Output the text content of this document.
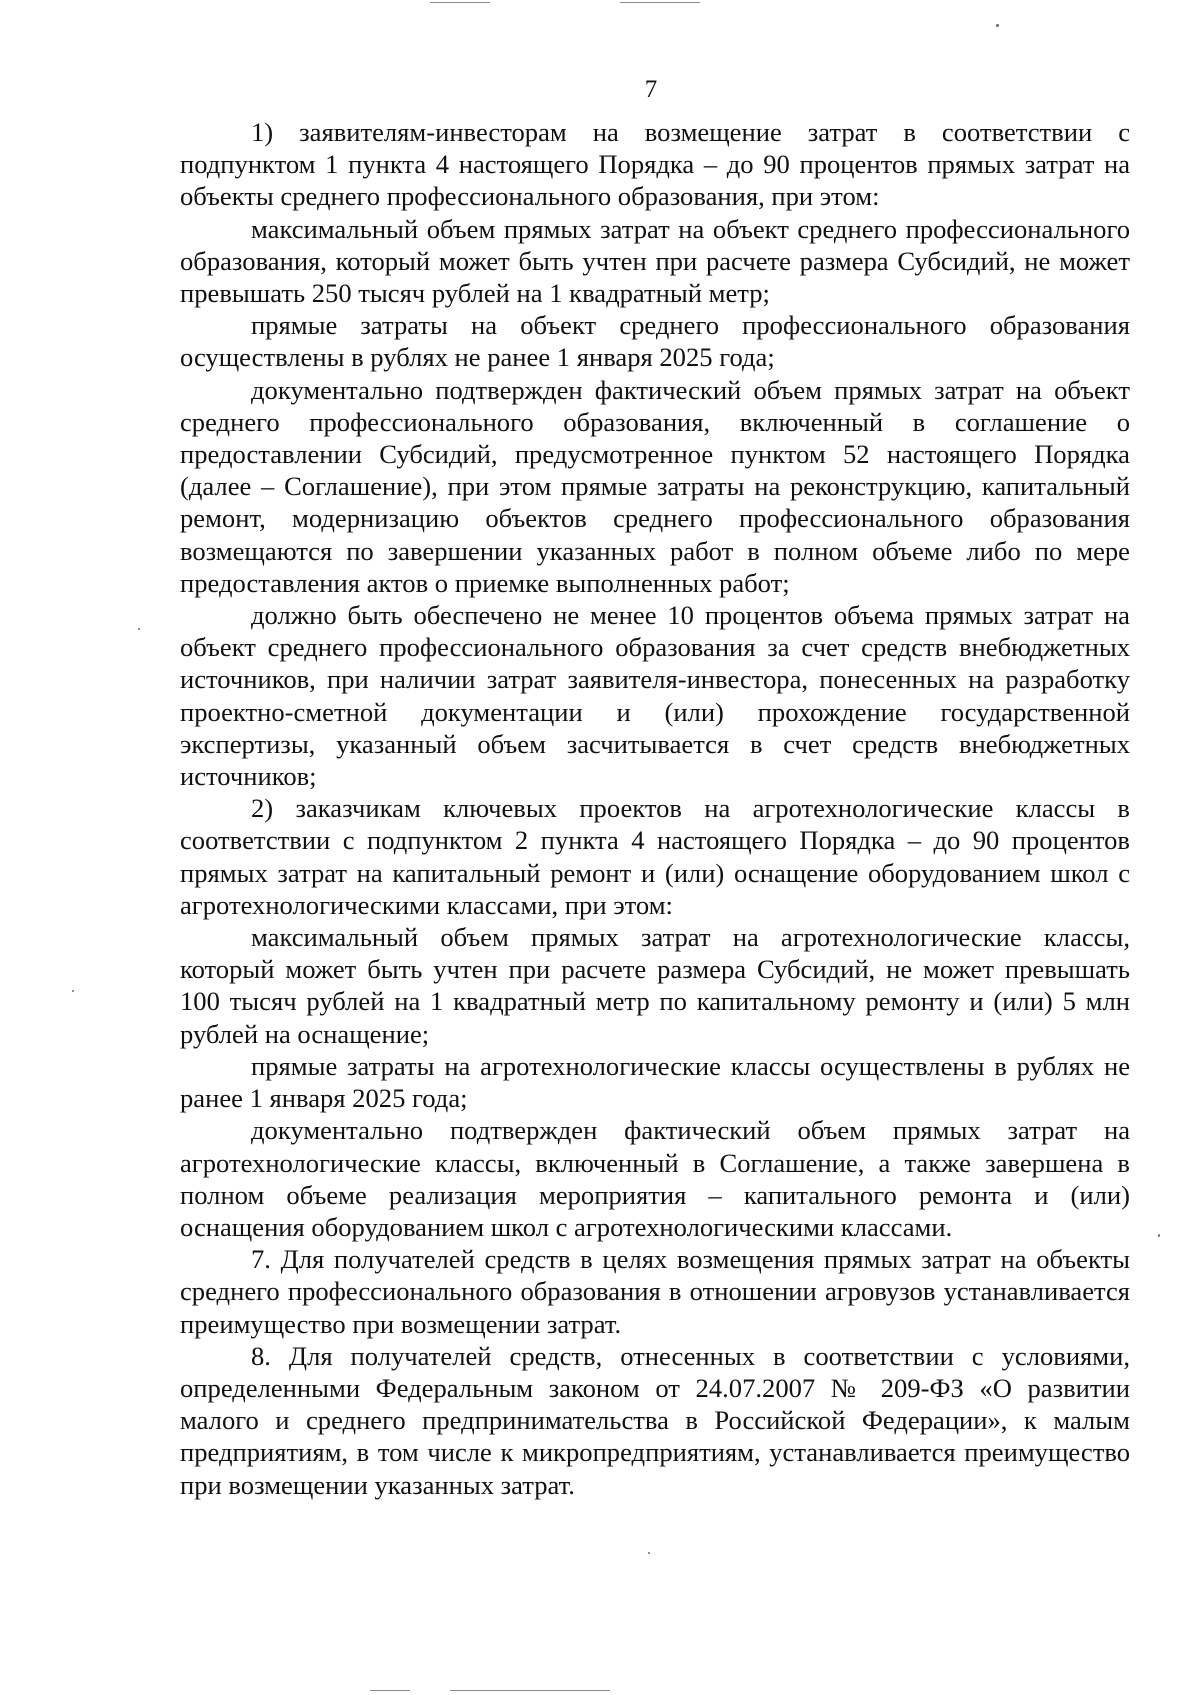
7

1) заявителям-инвесторам на возмещение затрат в соответствии с подпунктом 1 пункта 4 настоящего Порядка – до 90 процентов прямых затрат на объекты среднего профессионального образования, при этом:

максимальный объем прямых затрат на объект среднего профессионального образования, который может быть учтен при расчете размера Субсидий, не может превышать 250 тысяч рублей на 1 квадратный метр;

прямые затраты на объект среднего профессионального образования осуществлены в рублях не ранее 1 января 2025 года;

документально подтвержден фактический объем прямых затрат на объект среднего профессионального образования, включенный в соглашение о предоставлении Субсидий, предусмотренное пунктом 52 настоящего Порядка (далее – Соглашение), при этом прямые затраты на реконструкцию, капитальный ремонт, модернизацию объектов среднего профессионального образования возмещаются по завершении указанных работ в полном объеме либо по мере предоставления актов о приемке выполненных работ;

должно быть обеспечено не менее 10 процентов объема прямых затрат на объект среднего профессионального образования за счет средств внебюджетных источников, при наличии затрат заявителя-инвестора, понесенных на разработку проектно-сметной документации и (или) прохождение государственной экспертизы, указанный объем засчитывается в счет средств внебюджетных источников;

2) заказчикам ключевых проектов на агротехнологические классы в соответствии с подпунктом 2 пункта 4 настоящего Порядка – до 90 процентов прямых затрат на капитальный ремонт и (или) оснащение оборудованием школ с агротехнологическими классами, при этом:

максимальный объем прямых затрат на агротехнологические классы, который может быть учтен при расчете размера Субсидий, не может превышать 100 тысяч рублей на 1 квадратный метр по капитальному ремонту и (или) 5 млн рублей на оснащение;

прямые затраты на агротехнологические классы осуществлены в рублях не ранее 1 января 2025 года;

документально подтвержден фактический объем прямых затрат на агротехнологические классы, включенный в Соглашение, а также завершена в полном объеме реализация мероприятия – капитального ремонта и (или) оснащения оборудованием школ с агротехнологическими классами.

7. Для получателей средств в целях возмещения прямых затрат на объекты среднего профессионального образования в отношении агровузов устанавливается преимущество при возмещении затрат.

8. Для получателей средств, отнесенных в соответствии с условиями, определенными Федеральным законом от 24.07.2007 № 209-ФЗ «О развитии малого и среднего предпринимательства в Российской Федерации», к малым предприятиям, в том числе к микропредприятиям, устанавливается преимущество при возмещении указанных затрат.
